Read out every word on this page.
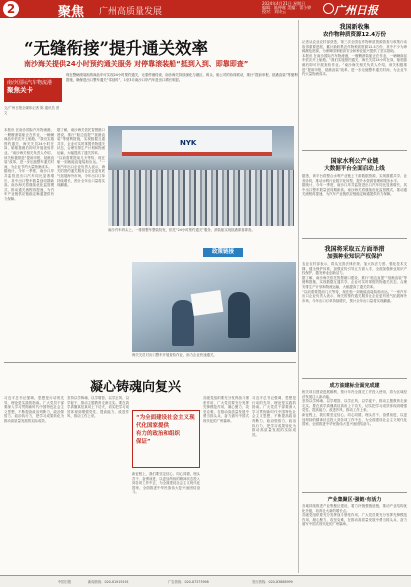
2	聚焦 广州高质量发展
2024年4月21日 星期日
编辑：陈仲晖 美编：雷小婷
校对：刘诗云	广州日报
“无缝衔接”提升通关效率
南沙海关提供24小时预约通关服务 对停靠滚装船“抵到入到、即靠即查”
南沙国际汽车物流港
聚焦关卡
现在整辆滚装船的商品车可实现24小时预约通关，无需停港待查，南沙海关持续深化与港区、码头、船公司的协同联动，推行“提前申报、抵港直装”等便利措施，确保进出口整车通关“零延时”，1至3月南沙口岸汽车进出口增长明显。
文/广州日报全媒体记者 陈 通讯员 蔡文
NYK
南沙汽车码头上，一排排整车整装待发，依托“24小时预约通关”服务，滚装船实现抵港即靠即查。
政策链接
海关关员对出口整车开展查验作业，助力企业快速通关。
本报讯 在南沙国际汽车物流港，一艘艘滚装船正在作业，一辆辆商品车依次开上船舱。“我们实施预约通关，海关关员24小时在岗，船舶靠港后即可开展查验作业。”南沙海关相关负责人介绍，该关积极推进“提前申报、抵港直装”改革，进一步压缩整车通关时间，为企业节约大量物流成本。
据统计，今年一季度，南沙口岸共监管进出口汽车同比显著增长，其中出口整车数量创同期新高。南沙海关将继续优化监管模式，推动通关流程再提速，为汽车产业链供应链稳定畅通提供有力保障。
据了解，南沙海关依托智慧港口建设，推行“船边直提”“抵港直装”等便利措施，实现数据互通共享，企业可实时掌握货物通关状态，合理安排生产计划和物流运输，大幅提高了通关效率。
“以前需要提前几天等待，现在船一到就能直接装船出运。”一家汽车出口企业负责人表示，海关的预约通关服务让企业更有底气拓展海外市场，今年出口订单持续增长，预计全年出口量将实现翻番。
凝心铸魂向复兴
习近平总书记强调，思想是行动的先导，理论是实践的指南。广大党员干部要深入学习贯彻新时代中国特色社会主义思想，不断提高政治判断力、政治领悟力、政治执行力，把学习成果转化为推动高质量发展的实际成效。
坚持以学铸魂、以学增智、以学正风、以学促干，推动主题教育走深走实。要在真学真懂真信真用上下功夫，切实把学习成效体现到增强党性、提高能力、改进作风、推动工作上来。	“为全面建设社会主义现代化国家提供
有力的政治和组织
保证”
新征程上，我们要坚定信心、同心同德，埋头苦干、奋勇前进，以更加昂扬的精神状态投入到各项工作中去，为全面建设社会主义现代化国家、全面推进中华民族伟大复兴而团结奋斗。
各级党组织要充分发挥战斗堡垒作用，广大党员要充分发挥先锋模范作用，凝心聚力、攻坚克难，在推动高质量发展中勇当排头兵，奋力谱写中国式现代化的广州篇章。
习近平总书记强调，思想是行动的先导，理论是实践的指南。广大党员干部要深入学习贯彻新时代中国特色社会主义思想，不断提高政治判断力、政治领悟力、政治执行力，把学习成果转化为推动高质量发展的实际成效。
我国新收集
农作物种质资源12.4万份
记者从农业农村部获悉，第三次全国农作物种质资源普查与收集行动取得重要进展，累计新收集农作物种质资源12.4万份，其中不少为珍稀濒危资源，为保障国家粮食安全和种业振兴提供了坚实基础。
本报讯 在南沙国际汽车物流港，一艘艘滚装船正在作业，一辆辆商品车依次开上船舱。“我们实施预约通关，海关关员24小时在岗，船舶靠港后即可开展查验作业。”南沙海关相关负责人介绍，该关积极推进“提前申报、抵港直装”改革，进一步压缩整车通关时间，为企业节约大量物流成本。
国家水利公产业链
大数据平台全面启动上线
据悉，该平台将整合水利产业链上下游数据资源，实现数据共享、业务协同，推动水利行业数字化转型，提升水资源管理和服务水平。
据统计，今年一季度，南沙口岸共监管进出口汽车同比显著增长，其中出口整车数量创同期新高。南沙海关将继续优化监管模式，推动通关流程再提速，为汽车产业链供应链稳定畅通提供有力保障。
我国将采取五方面举措
加强种业知识产权保护
农业农村部表示，将从完善法律法规、加大执法力度、强化技术支撑、健全保护体系、加强宣传引导五方面入手，全面加强种业知识产权保护，激发种业创新活力。
据了解，南沙海关依托智慧港口建设，推行“船边直提”“抵港直装”等便利措施，实现数据互通共享，企业可实时掌握货物通关状态，合理安排生产计划和物流运输，大幅提高了通关效率。
“以前需要提前几天等待，现在船一到就能直接装船出运。”一家汽车出口企业负责人表示，海关的预约通关服务让企业更有底气拓展海外市场，今年出口订单持续增长，预计全年出口量将实现翻番。
成方油建标全面完成建
相关项目建设进展顺利，预计年内全面完工并投入使用，将为区域经济发展注入新动能。
坚持以学铸魂、以学增智、以学正风、以学促干，推动主题教育走深走实。要在真学真懂真信真用上下功夫，切实把学习成效体现到增强党性、提高能力、改进作风、推动工作上来。
新征程上，我们要坚定信心、同心同德，埋头苦干、奋勇前进，以更加昂扬的精神状态投入到各项工作中去，为全面建设社会主义现代化国家、全面推进中华民族伟大复兴而团结奋斗。
产业集聚区·强链·有活力
各地持续推进产业集聚区建设，着力补链强链延链，推动产业结构优化升级，培育壮大新的增长点。
各级党组织要充分发挥战斗堡垒作用，广大党员要充分发挥先锋模范作用，凝心聚力、攻坚克难，在推动高质量发展中勇当排头兵，奋力谱写中国式现代化的广州篇章。
中国日报	新闻热线：020-81919191	广告热线：020-87373998	发行热线：020-83888999
